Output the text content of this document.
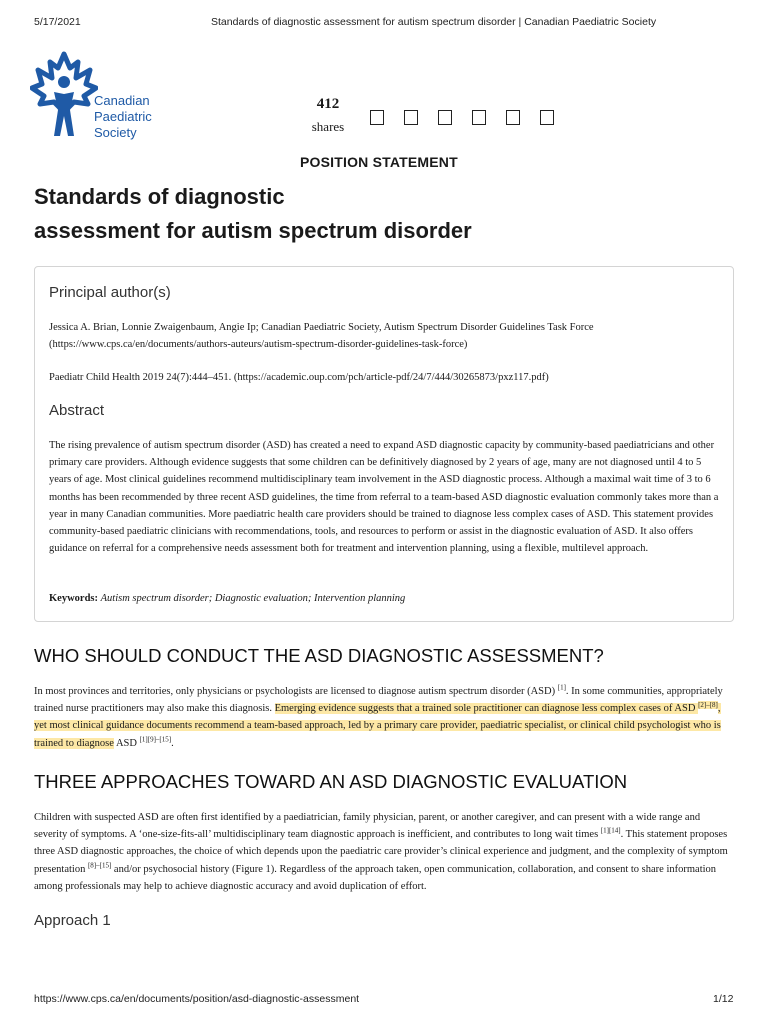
5/17/2021	Standards of diagnostic assessment for autism spectrum disorder | Canadian Paediatric Society
Canadian
Paediatric
Society
412
shares
POSITION STATEMENT
Standards of diagnostic
assessment for autism spectrum disorder
Principal author(s)
Jessica A. Brian, Lonnie Zwaigenbaum, Angie Ip; Canadian Paediatric Society, Autism Spectrum Disorder Guidelines Task Force
(https://www.cps.ca/en/documents/authors-auteurs/autism-spectrum-disorder-guidelines-task-force)
Paediatr Child Health 2019 24(7):444–451. (https://academic.oup.com/pch/article-pdf/24/7/444/30265873/pxz117.pdf)
Abstract
The rising prevalence of autism spectrum disorder (ASD) has created a need to expand ASD diagnostic capacity by community-based paediatricians and other primary care providers. Although evidence suggests that some children can be definitively diagnosed by 2 years of age, many are not diagnosed until 4 to 5 years of age. Most clinical guidelines recommend multidisciplinary team involvement in the ASD diagnostic process. Although a maximal wait time of 3 to 6 months has been recommended by three recent ASD guidelines, the time from referral to a team-based ASD diagnostic evaluation commonly takes more than a year in many Canadian communities. More paediatric health care providers should be trained to diagnose less complex cases of ASD. This statement provides community-based paediatric clinicians with recommendations, tools, and resources to perform or assist in the diagnostic evaluation of ASD. It also offers guidance on referral for a comprehensive needs assessment both for treatment and intervention planning, using a flexible, multilevel approach.
Keywords: Autism spectrum disorder; Diagnostic evaluation; Intervention planning
WHO SHOULD CONDUCT THE ASD DIAGNOSTIC ASSESSMENT?
In most provinces and territories, only physicians or psychologists are licensed to diagnose autism spectrum disorder (ASD) [1]. In some communities, appropriately trained nurse practitioners may also make this diagnosis. Emerging evidence suggests that a trained sole practitioner can diagnose less complex cases of ASD [2]–[8], yet most clinical guidance documents recommend a team-based approach, led by a primary care provider, paediatric specialist, or clinical child psychologist who is trained to diagnose ASD [1][9]–[15].
THREE APPROACHES TOWARD AN ASD DIAGNOSTIC EVALUATION
Children with suspected ASD are often first identified by a paediatrician, family physician, parent, or another caregiver, and can present with a wide range and severity of symptoms. A ‘one-size-fits-all’ multidisciplinary team diagnostic approach is inefficient, and contributes to long wait times [1][14]. This statement proposes three ASD diagnostic approaches, the choice of which depends upon the paediatric care provider’s clinical experience and judgment, and the complexity of symptom presentation [8]–[15] and/or psychosocial history (Figure 1). Regardless of the approach taken, open communication, collaboration, and consent to share information among professionals may help to achieve diagnostic accuracy and avoid duplication of effort.
Approach 1
https://www.cps.ca/en/documents/position/asd-diagnostic-assessment	1/12
